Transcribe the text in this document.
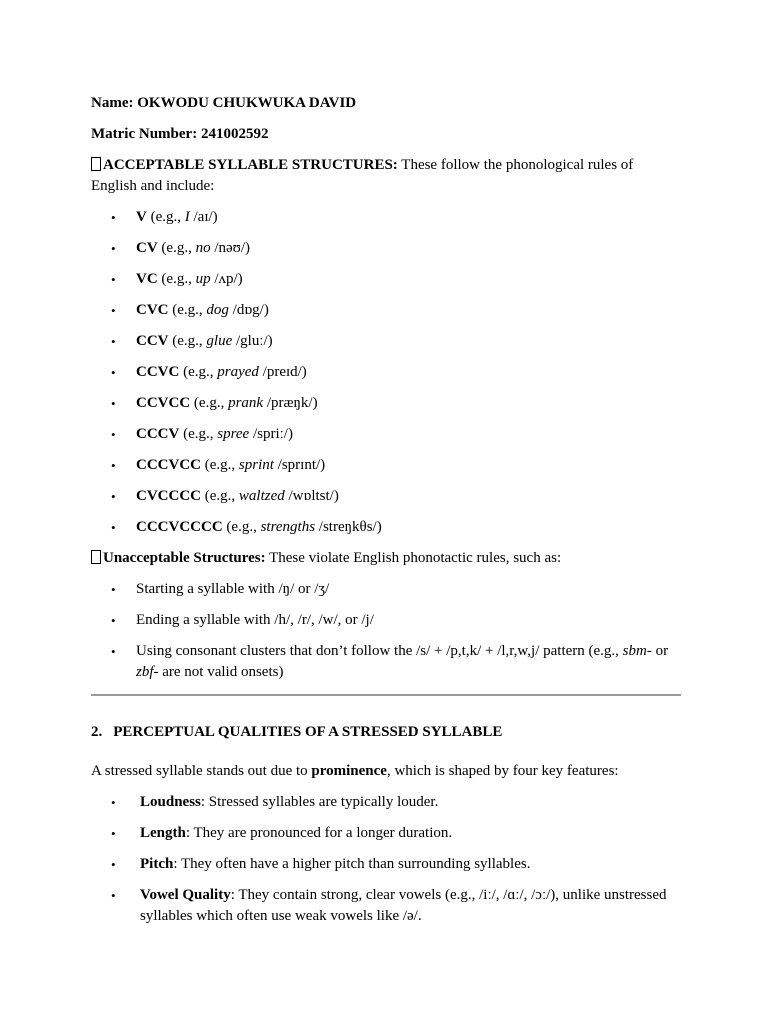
Name: OKWODU CHUKWUKA DAVID

Matric Number: 241002592

ACCEPTABLE SYLLABLE STRUCTURES: These follow the phonological rules of English and include:

• V (e.g., I /aɪ/)
• CV (e.g., no /nəʊ/)
• VC (e.g., up /ʌp/)
• CVC (e.g., dog /dɒg/)
• CCV (e.g., glue /gluː/)
• CCVC (e.g., prayed /preɪd/)
• CCVCC (e.g., prank /præŋk/)
• CCCV (e.g., spree /spriː/)
• CCCVCC (e.g., sprint /sprɪnt/)
• CVCCCC (e.g., waltzed /wɒltst/)
• CCCVCCCC (e.g., strengths /streŋkθs/)

Unacceptable Structures: These violate English phonotactic rules, such as:

• Starting a syllable with /ŋ/ or /ʒ/
• Ending a syllable with /h/, /r/, /w/, or /j/
• Using consonant clusters that don’t follow the /s/ + /p,t,k/ + /l,r,w,j/ pattern (e.g., sbm- or zbf- are not valid onsets)

2. PERCEPTUAL QUALITIES OF A STRESSED SYLLABLE

A stressed syllable stands out due to prominence, which is shaped by four key features:

• Loudness: Stressed syllables are typically louder.
• Length: They are pronounced for a longer duration.
• Pitch: They often have a higher pitch than surrounding syllables.
• Vowel Quality: They contain strong, clear vowels (e.g., /iː/, /ɑː/, /ɔː/), unlike unstressed syllables which often use weak vowels like /ə/.
